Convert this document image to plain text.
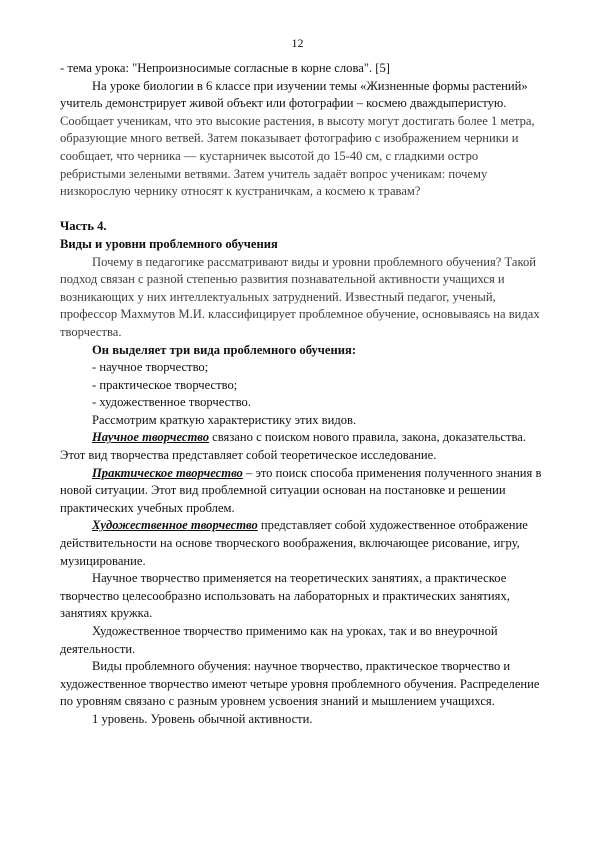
12

- тема урока: "Непроизносимые согласные в корне слова". [5]

На уроке биологии в 6 классе при изучении темы «Жизненные формы растений» учитель демонстрирует живой объект или фотографии – космею дваждыперистую. Сообщает ученикам, что это высокие растения, в высоту могут достигать более 1 метра, образующие много ветвей. Затем показывает фотографию с изображением черники и сообщает, что черника — кустарничек высотой до 15-40 см, с гладкими остро ребристыми зелеными ветвями. Затем учитель задаёт вопрос ученикам: почему низкорослую чернику относят к кустраничкам, а космею к травам?

Часть 4.

Виды и уровни проблемного обучения

Почему в педагогике рассматривают виды и уровни проблемного обучения? Такой подход связан с разной степенью развития познавательной активности учащихся и возникающих у них интеллектуальных затруднений. Известный педагог, ученый, профессор Махмутов М.И. классифицирует проблемное обучение, основываясь на видах творчества.

Он выделяет три вида проблемного обучения:

- научное творчество;

- практическое творчество;

- художественное творчество.

Рассмотрим краткую характеристику этих видов.

Научное творчество связано с поиском нового правила, закона, доказательства. Этот вид творчества представляет собой теоретическое исследование.

Практическое творчество – это поиск способа применения полученного знания в новой ситуации. Этот вид проблемной ситуации основан на постановке и решении практических учебных проблем.

Художественное творчество представляет собой художественное отображение действительности на основе творческого воображения, включающее рисование, игру, музицирование.

Научное творчество применяется на теоретических занятиях, а практическое творчество целесообразно использовать на лабораторных и практических занятиях, занятиях кружка.

Художественное творчество применимо как на уроках, так и во внеурочной деятельности.

Виды проблемного обучения: научное творчество, практическое творчество и художественное творчество имеют четыре уровня проблемного обучения. Распределение по уровням связано с разным уровнем усвоения знаний и мышлением учащихся.

1 уровень. Уровень обычной активности.
